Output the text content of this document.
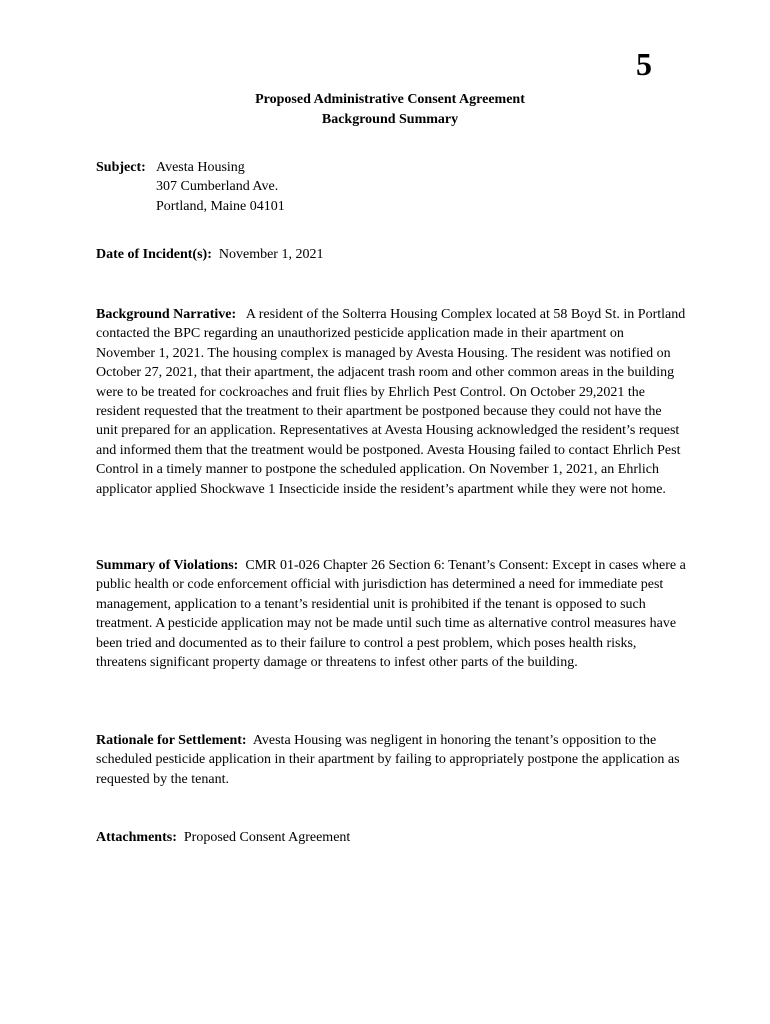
5
Proposed Administrative Consent Agreement
Background Summary
Subject: Avesta Housing
307 Cumberland Ave.
Portland, Maine 04101
Date of Incident(s): November 1, 2021
Background Narrative: A resident of the Solterra Housing Complex located at 58 Boyd St. in Portland contacted the BPC regarding an unauthorized pesticide application made in their apartment on November 1, 2021. The housing complex is managed by Avesta Housing. The resident was notified on October 27, 2021, that their apartment, the adjacent trash room and other common areas in the building were to be treated for cockroaches and fruit flies by Ehrlich Pest Control. On October 29,2021 the resident requested that the treatment to their apartment be postponed because they could not have the unit prepared for an application. Representatives at Avesta Housing acknowledged the resident’s request and informed them that the treatment would be postponed. Avesta Housing failed to contact Ehrlich Pest Control in a timely manner to postpone the scheduled application. On November 1, 2021, an Ehrlich applicator applied Shockwave 1 Insecticide inside the resident’s apartment while they were not home.
Summary of Violations: CMR 01-026 Chapter 26 Section 6: Tenant’s Consent: Except in cases where a public health or code enforcement official with jurisdiction has determined a need for immediate pest management, application to a tenant’s residential unit is prohibited if the tenant is opposed to such treatment. A pesticide application may not be made until such time as alternative control measures have been tried and documented as to their failure to control a pest problem, which poses health risks, threatens significant property damage or threatens to infest other parts of the building.
Rationale for Settlement: Avesta Housing was negligent in honoring the tenant’s opposition to the scheduled pesticide application in their apartment by failing to appropriately postpone the application as requested by the tenant.
Attachments: Proposed Consent Agreement
